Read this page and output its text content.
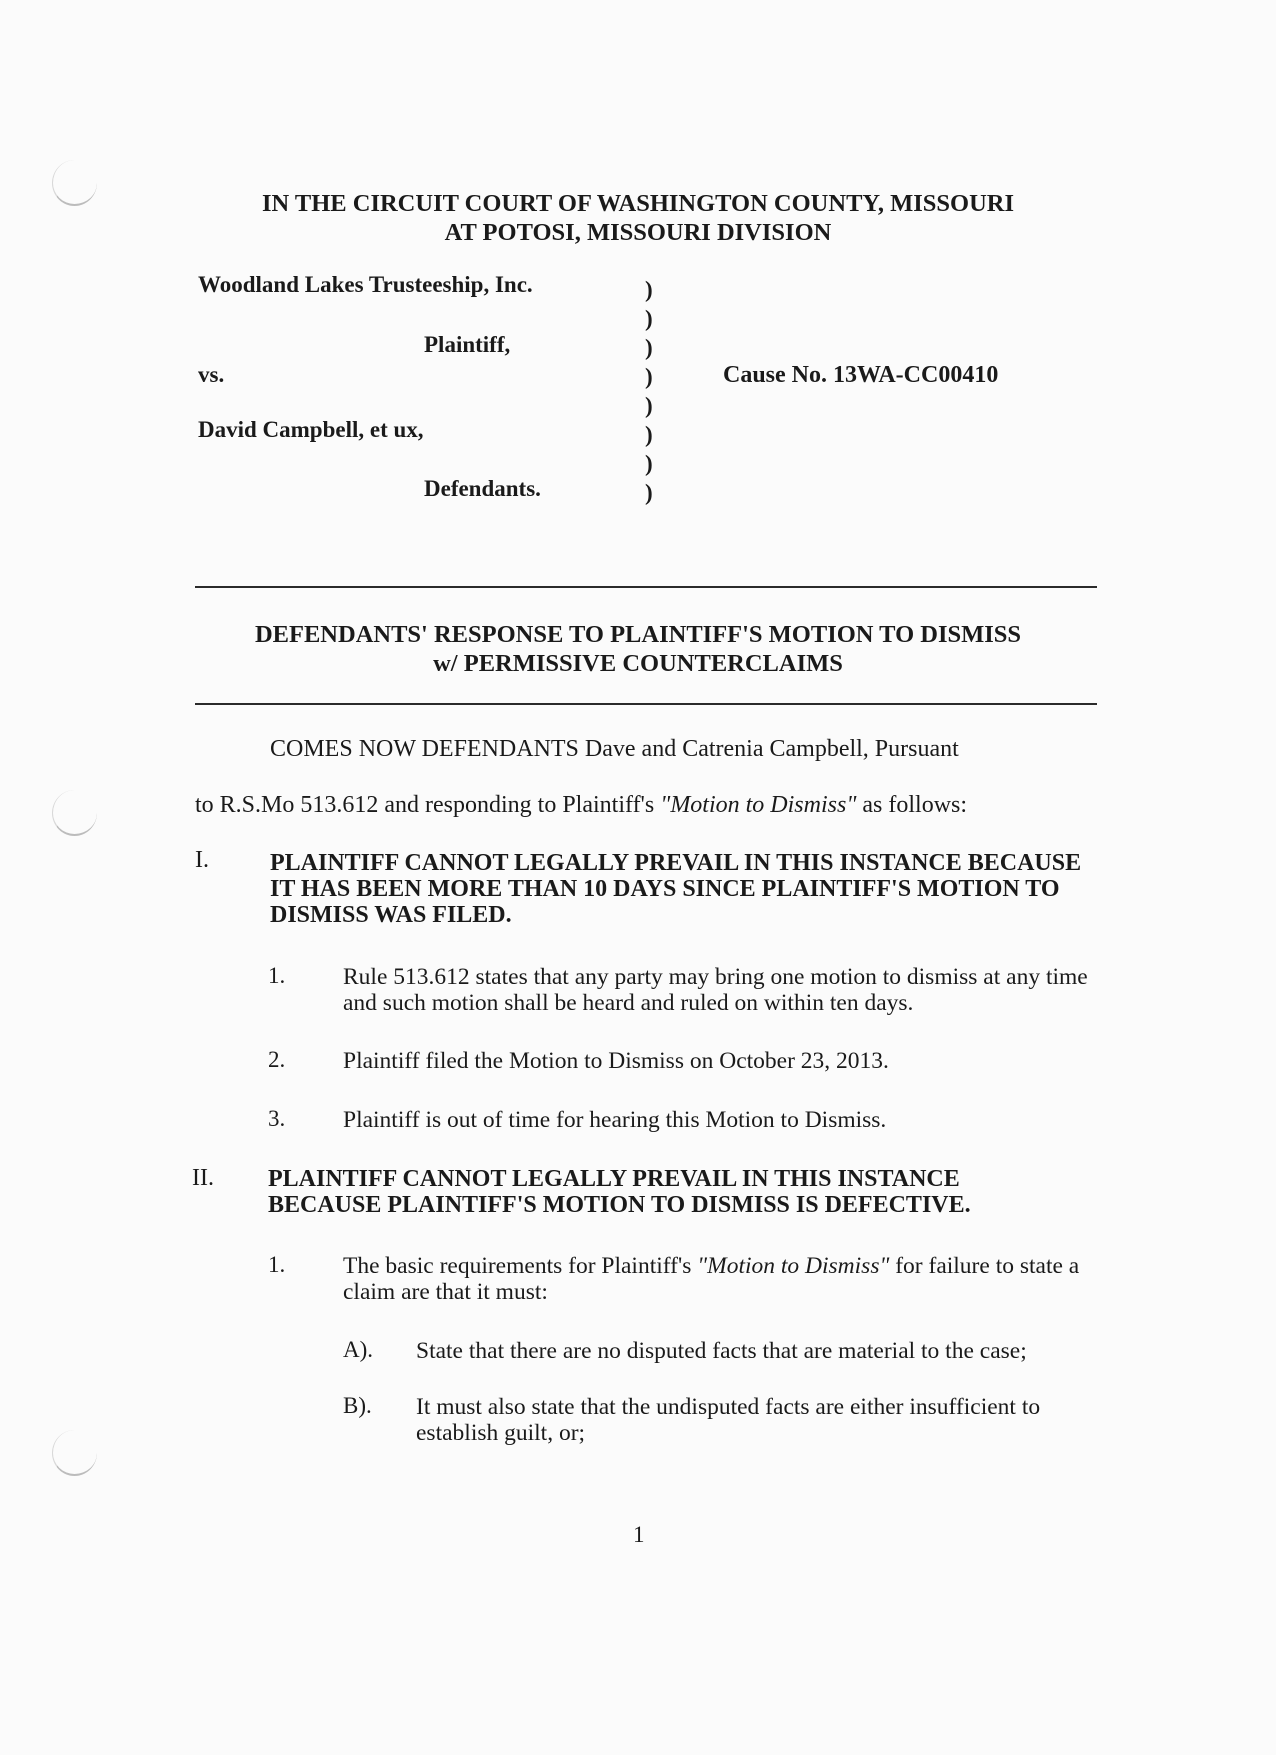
IN THE CIRCUIT COURT OF WASHINGTON COUNTY, MISSOURI
AT POTOSI, MISSOURI DIVISION
Woodland Lakes Trusteeship, Inc.
Plaintiff,
vs.
David Campbell, et ux,
Defendants.
)
)
)
)
)
)
)
)
Cause No. 13WA-CC00410
DEFENDANTS' RESPONSE TO PLAINTIFF'S MOTION TO DISMISS
w/ PERMISSIVE COUNTERCLAIMS
COMES NOW DEFENDANTS Dave and Catrenia Campbell, Pursuant
to R.S.Mo 513.612 and responding to Plaintiff's "Motion to Dismiss" as follows:
I.	PLAINTIFF CANNOT LEGALLY PREVAIL IN THIS INSTANCE BECAUSE IT HAS BEEN MORE THAN 10 DAYS SINCE PLAINTIFF'S MOTION TO DISMISS WAS FILED.
1. Rule 513.612 states that any party may bring one motion to dismiss at any time and such motion shall be heard and ruled on within ten days.
2. Plaintiff filed the Motion to Dismiss on October 23, 2013.
3. Plaintiff is out of time for hearing this Motion to Dismiss.
II. PLAINTIFF CANNOT LEGALLY PREVAIL IN THIS INSTANCE BECAUSE PLAINTIFF'S MOTION TO DISMISS IS DEFECTIVE.
1. The basic requirements for Plaintiff's "Motion to Dismiss" for failure to state a claim are that it must:
A). State that there are no disputed facts that are material to the case;
B). It must also state that the undisputed facts are either insufficient to establish guilt, or;
1
